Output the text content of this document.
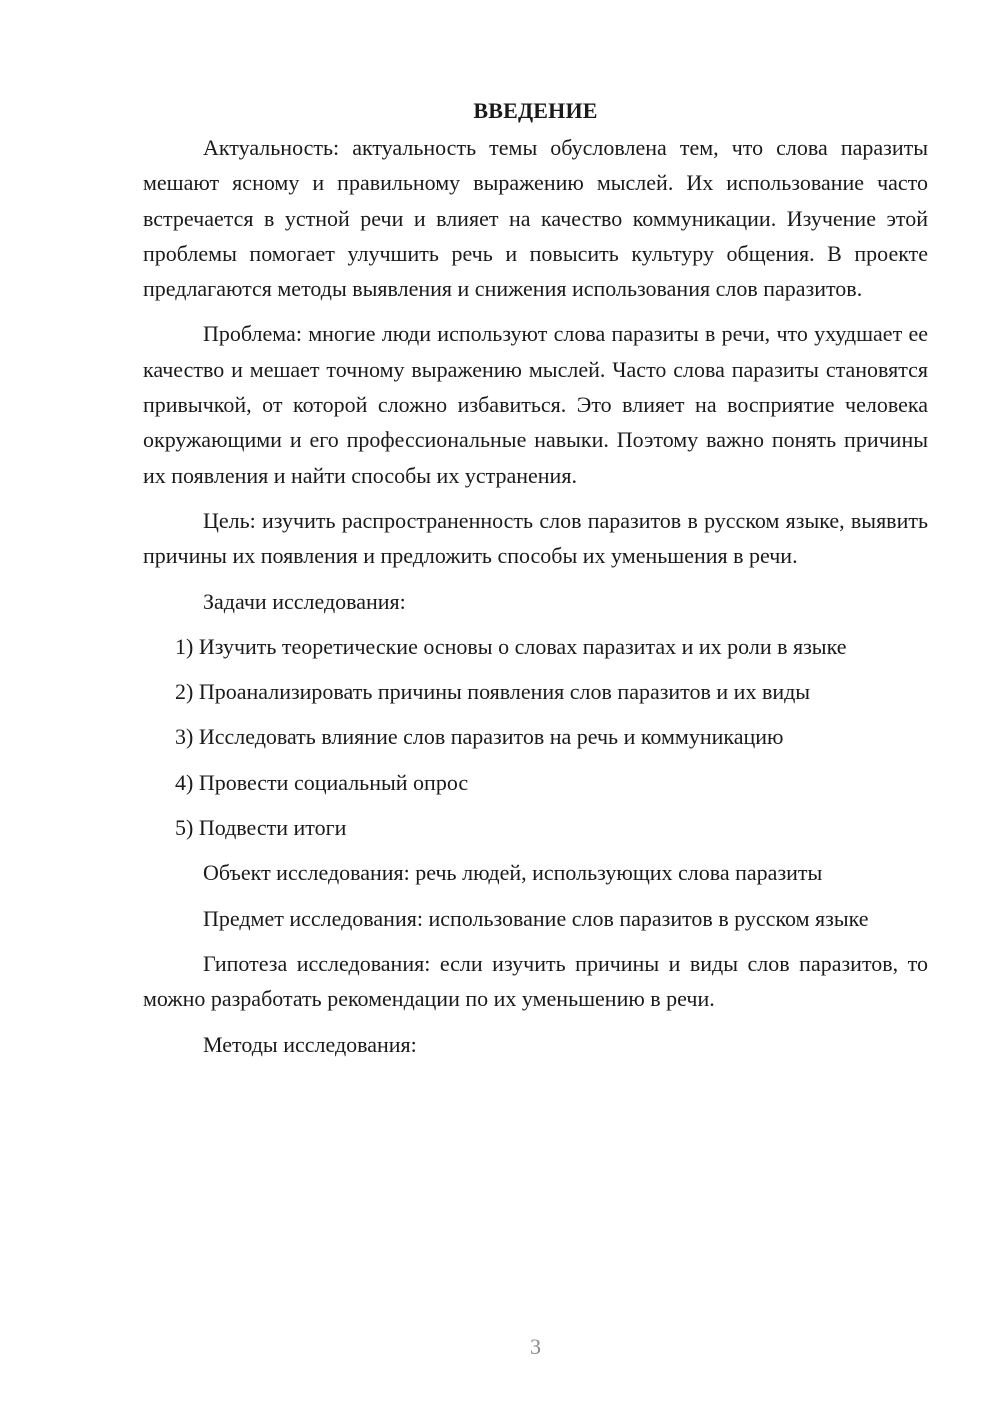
ВВЕДЕНИЕ

Актуальность: актуальность темы обусловлена тем, что слова паразиты мешают ясному и правильному выражению мыслей. Их использование часто встречается в устной речи и влияет на качество коммуникации. Изучение этой проблемы помогает улучшить речь и повысить культуру общения. В проекте предлагаются методы выявления и снижения использования слов паразитов.

Проблема: многие люди используют слова паразиты в речи, что ухудшает ее качество и мешает точному выражению мыслей. Часто слова паразиты становятся привычкой, от которой сложно избавиться. Это влияет на восприятие человека окружающими и его профессиональные навыки. Поэтому важно понять причины их появления и найти способы их устранения.

Цель: изучить распространенность слов паразитов в русском языке, выявить причины их появления и предложить способы их уменьшения в речи.

Задачи исследования:

1) Изучить теоретические основы о словах паразитах и их роли в языке

2) Проанализировать причины появления слов паразитов и их виды

3) Исследовать влияние слов паразитов на речь и коммуникацию

4) Провести социальный опрос

5) Подвести итоги

Объект исследования: речь людей, использующих слова паразиты

Предмет исследования: использование слов паразитов в русском языке

Гипотеза исследования: если изучить причины и виды слов паразитов, то можно разработать рекомендации по их уменьшению в речи.

Методы исследования:

3
